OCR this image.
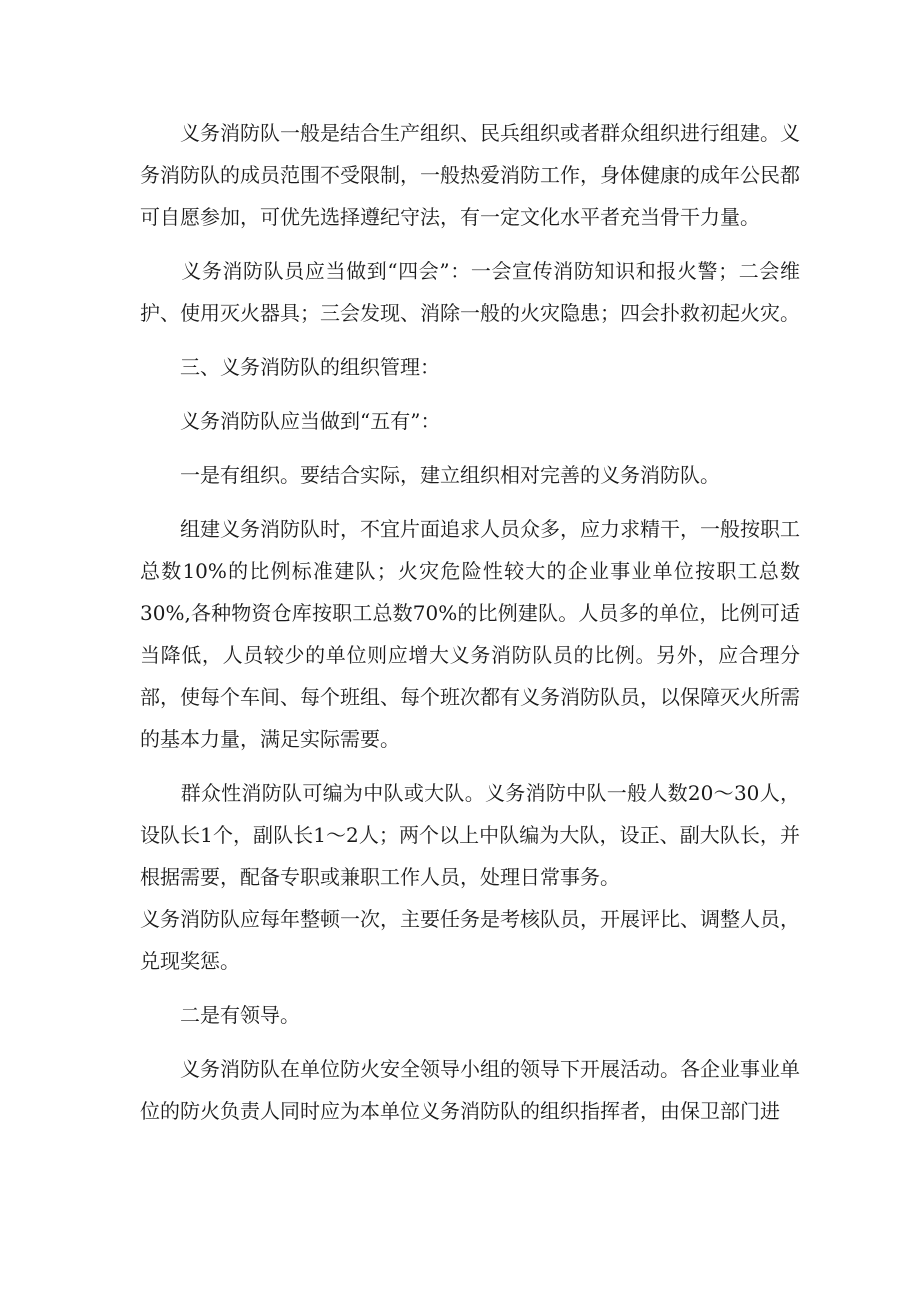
　　义务消防队一般是结合生产组织、民兵组织或者群众组织进行组建。义务消防队的成员范围不受限制，一般热爱消防工作，身体健康的成年公民都可自愿参加，可优先选择遵纪守法，有一定文化水平者充当骨干力量。

　　义务消防队员应当做到“四会”：一会宣传消防知识和报火警；二会维护、使用灭火器具；三会发现、消除一般的火灾隐患；四会扑救初起火灾。

　　三、义务消防队的组织管理：

　　义务消防队应当做到“五有”：

　　一是有组织。要结合实际，建立组织相对完善的义务消防队。

　　组建义务消防队时，不宜片面追求人员众多，应力求精干，一般按职工总数10%的比例标准建队；火灾危险性较大的企业事业单位按职工总数30%,各种物资仓库按职工总数70%的比例建队。人员多的单位，比例可适当降低，人员较少的单位则应增大义务消防队员的比例。另外，应合理分部，使每个车间、每个班组、每个班次都有义务消防队员，以保障灭火所需的基本力量，满足实际需要。

　　群众性消防队可编为中队或大队。义务消防中队一般人数20～30人，设队长1个，副队长1～2人；两个以上中队编为大队，设正、副大队长，并根据需要，配备专职或兼职工作人员，处理日常事务。

义务消防队应每年整顿一次，主要任务是考核队员，开展评比、调整人员，兑现奖惩。

　　二是有领导。

　　义务消防队在单位防火安全领导小组的领导下开展活动。各企业事业单位的防火负责人同时应为本单位义务消防队的组织指挥者，由保卫部门进
